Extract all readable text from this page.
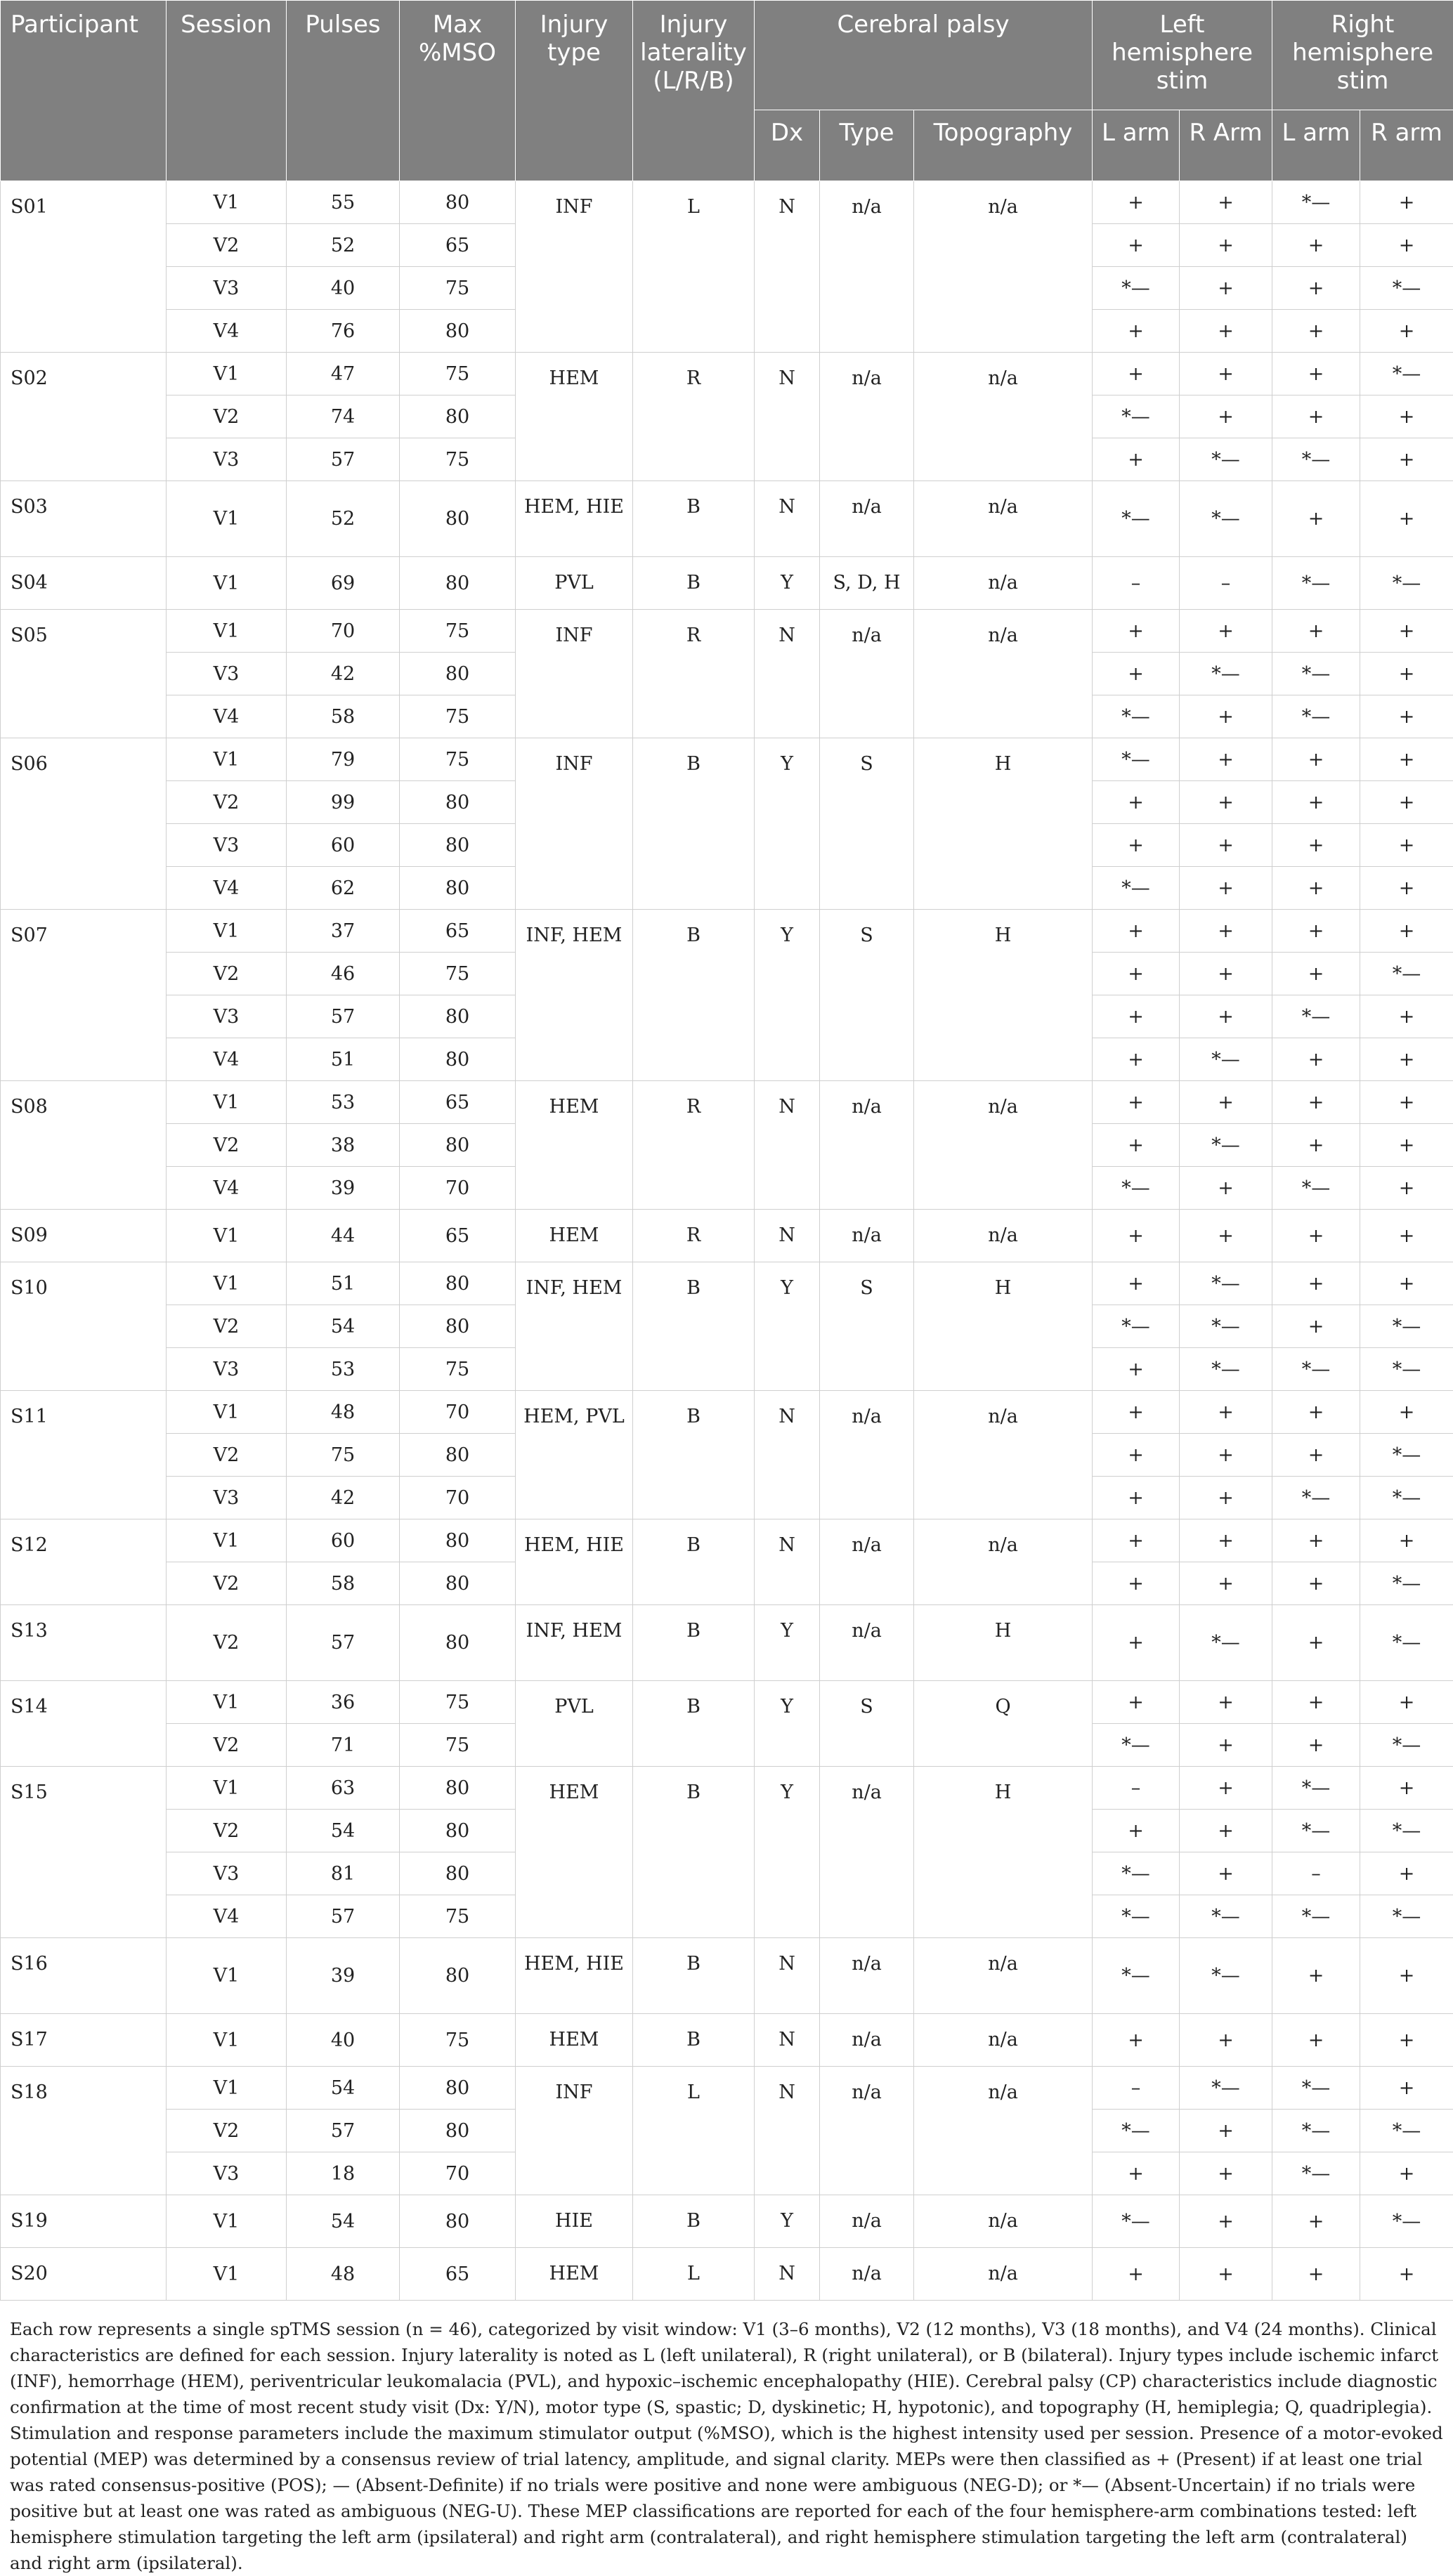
Participant	Session	Pulses	Max %MSO	Injury type	Injury laterality (L/R/B)	Cerebral palsy			Left hemisphere stim		Right hemisphere stim	
						Dx	Type	Topography	L arm	R Arm	L arm	R arm
S01	V1	55	80	INF	L	N	n/a	n/a	+	+	*—	+
	V2	52	65						+	+	+	+
	V3	40	75						*—	+	+	*—
	V4	76	80						+	+	+	+
S02	V1	47	75	HEM	R	N	n/a	n/a	+	+	+	*—
	V2	74	80						*—	+	+	+
	V3	57	75						+	*—	*—	+
S03	V1	52	80	HEM, HIE	B	N	n/a	n/a	*—	*—	+	+
S04	V1	69	80	PVL	B	Y	S, D, H	n/a	–	–	*—	*—
S05	V1	70	75	INF	R	N	n/a	n/a	+	+	+	+
	V3	42	80						+	*—	*—	+
	V4	58	75						*—	+	*—	+
S06	V1	79	75	INF	B	Y	S	H	*—	+	+	+
	V2	99	80						+	+	+	+
	V3	60	80						+	+	+	+
	V4	62	80						*—	+	+	+
S07	V1	37	65	INF, HEM	B	Y	S	H	+	+	+	+
	V2	46	75						+	+	+	*—
	V3	57	80						+	+	*—	+
	V4	51	80						+	*—	+	+
S08	V1	53	65	HEM	R	N	n/a	n/a	+	+	+	+
	V2	38	80						+	*—	+	+
	V4	39	70						*—	+	*—	+
S09	V1	44	65	HEM	R	N	n/a	n/a	+	+	+	+
S10	V1	51	80	INF, HEM	B	Y	S	H	+	*—	+	+
	V2	54	80						*—	*—	+	*—
	V3	53	75						+	*—	*—	*—
S11	V1	48	70	HEM, PVL	B	N	n/a	n/a	+	+	+	+
	V2	75	80						+	+	+	*—
	V3	42	70						+	+	*—	*—
S12	V1	60	80	HEM, HIE	B	N	n/a	n/a	+	+	+	+
	V2	58	80						+	+	+	*—
S13	V2	57	80	INF, HEM	B	Y	n/a	H	+	*—	+	*—
S14	V1	36	75	PVL	B	Y	S	Q	+	+	+	+
	V2	71	75						*—	+	+	*—
S15	V1	63	80	HEM	B	Y	n/a	H	–	+	*—	+
	V2	54	80						+	+	*—	*—
	V3	81	80						*—	+	–	+
	V4	57	75						*—	*—	*—	*—
S16	V1	39	80	HEM, HIE	B	N	n/a	n/a	*—	*—	+	+
S17	V1	40	75	HEM	B	N	n/a	n/a	+	+	+	+
S18	V1	54	80	INF	L	N	n/a	n/a	–	*—	*—	+
	V2	57	80						*—	+	*—	*—
	V3	18	70						+	+	*—	+
S19	V1	54	80	HIE	B	Y	n/a	n/a	*—	+	+	*—
S20	V1	48	65	HEM	L	N	n/a	n/a	+	+	+	+
Each row represents a single spTMS session (n = 46), categorized by visit window: V1 (3–6 months), V2 (12 months), V3 (18 months), and V4 (24 months). Clinical characteristics are defined for each session. Injury laterality is noted as L (left unilateral), R (right unilateral), or B (bilateral). Injury types include ischemic infarct (INF), hemorrhage (HEM), periventricular leukomalacia (PVL), and hypoxic–ischemic encephalopathy (HIE). Cerebral palsy (CP) characteristics include diagnostic confirmation at the time of most recent study visit (Dx: Y/N), motor type (S, spastic; D, dyskinetic; H, hypotonic), and topography (H, hemiplegia; Q, quadriplegia). Stimulation and response parameters include the maximum stimulator output (%MSO), which is the highest intensity used per session. Presence of a motor-evoked potential (MEP) was determined by a consensus review of trial latency, amplitude, and signal clarity. MEPs were then classified as + (Present) if at least one trial was rated consensus-positive (POS); — (Absent-Definite) if no trials were positive and none were ambiguous (NEG-D); or *— (Absent-Uncertain) if no trials were positive but at least one was rated as ambiguous (NEG-U). These MEP classifications are reported for each of the four hemisphere-arm combinations tested: left hemisphere stimulation targeting the left arm (ipsilateral) and right arm (contralateral), and right hemisphere stimulation targeting the left arm (contralateral) and right arm (ipsilateral).
